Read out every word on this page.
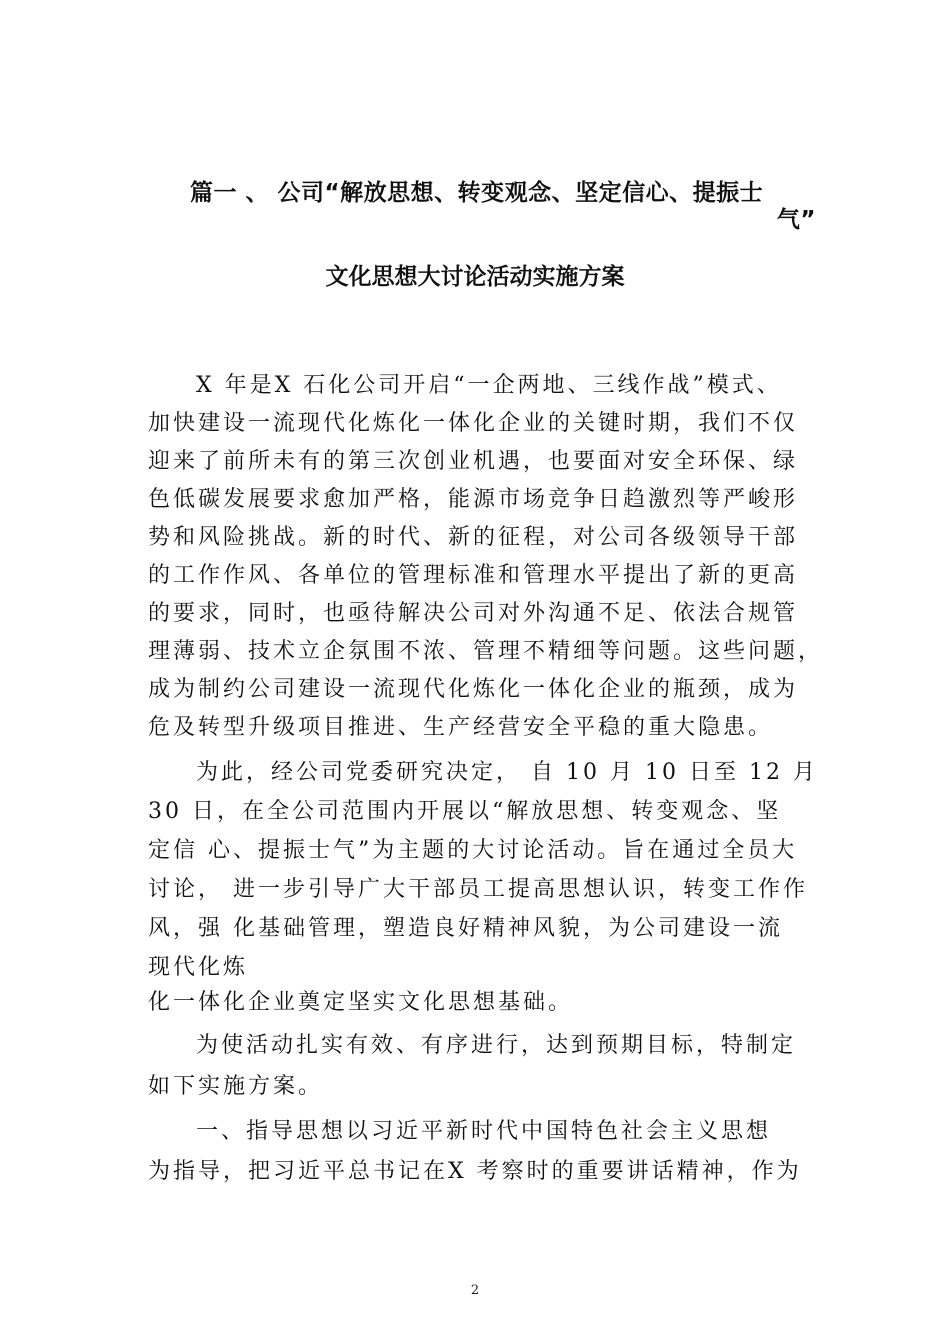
篇一 、 公司“解放思想、转变观念、坚定信心、提振士
气”
文化思想大讨论活动实施方案
X 年是X 石化公司开启“一企两地、三线作战”模式、
加快建设一流现代化炼化一体化企业的关键时期，我们不仅
迎来了前所未有的第三次创业机遇，也要面对安全环保、绿
色低碳发展要求愈加严格，能源市场竞争日趋激烈等严峻形
势和风险挑战。新的时代、新的征程，对公司各级领导干部
的工作作风、各单位的管理标准和管理水平提出了新的更高
的要求，同时，也亟待解决公司对外沟通不足、依法合规管
理薄弱、技术立企氛围不浓、管理不精细等问题。这些问题，
成为制约公司建设一流现代化炼化一体化企业的瓶颈，成为
危及转型升级项目推进、生产经营安全平稳的重大隐患。
为此，经公司党委研究决定， 自 10 月 10 日至 12 月
30 日，在全公司范围内开展以“解放思想、转变观念、坚
定信 心、提振士气”为主题的大讨论活动。旨在通过全员大
讨论， 进一步引导广大干部员工提高思想认识，转变工作作
风，强 化基础管理，塑造良好精神风貌，为公司建设一流
现代化炼
化一体化企业奠定坚实文化思想基础。
为使活动扎实有效、有序进行，达到预期目标，特制定
如下实施方案。
一、指导思想以习近平新时代中国特色社会主义思想
为指导，把习近平总书记在X 考察时的重要讲话精神，作为
2
